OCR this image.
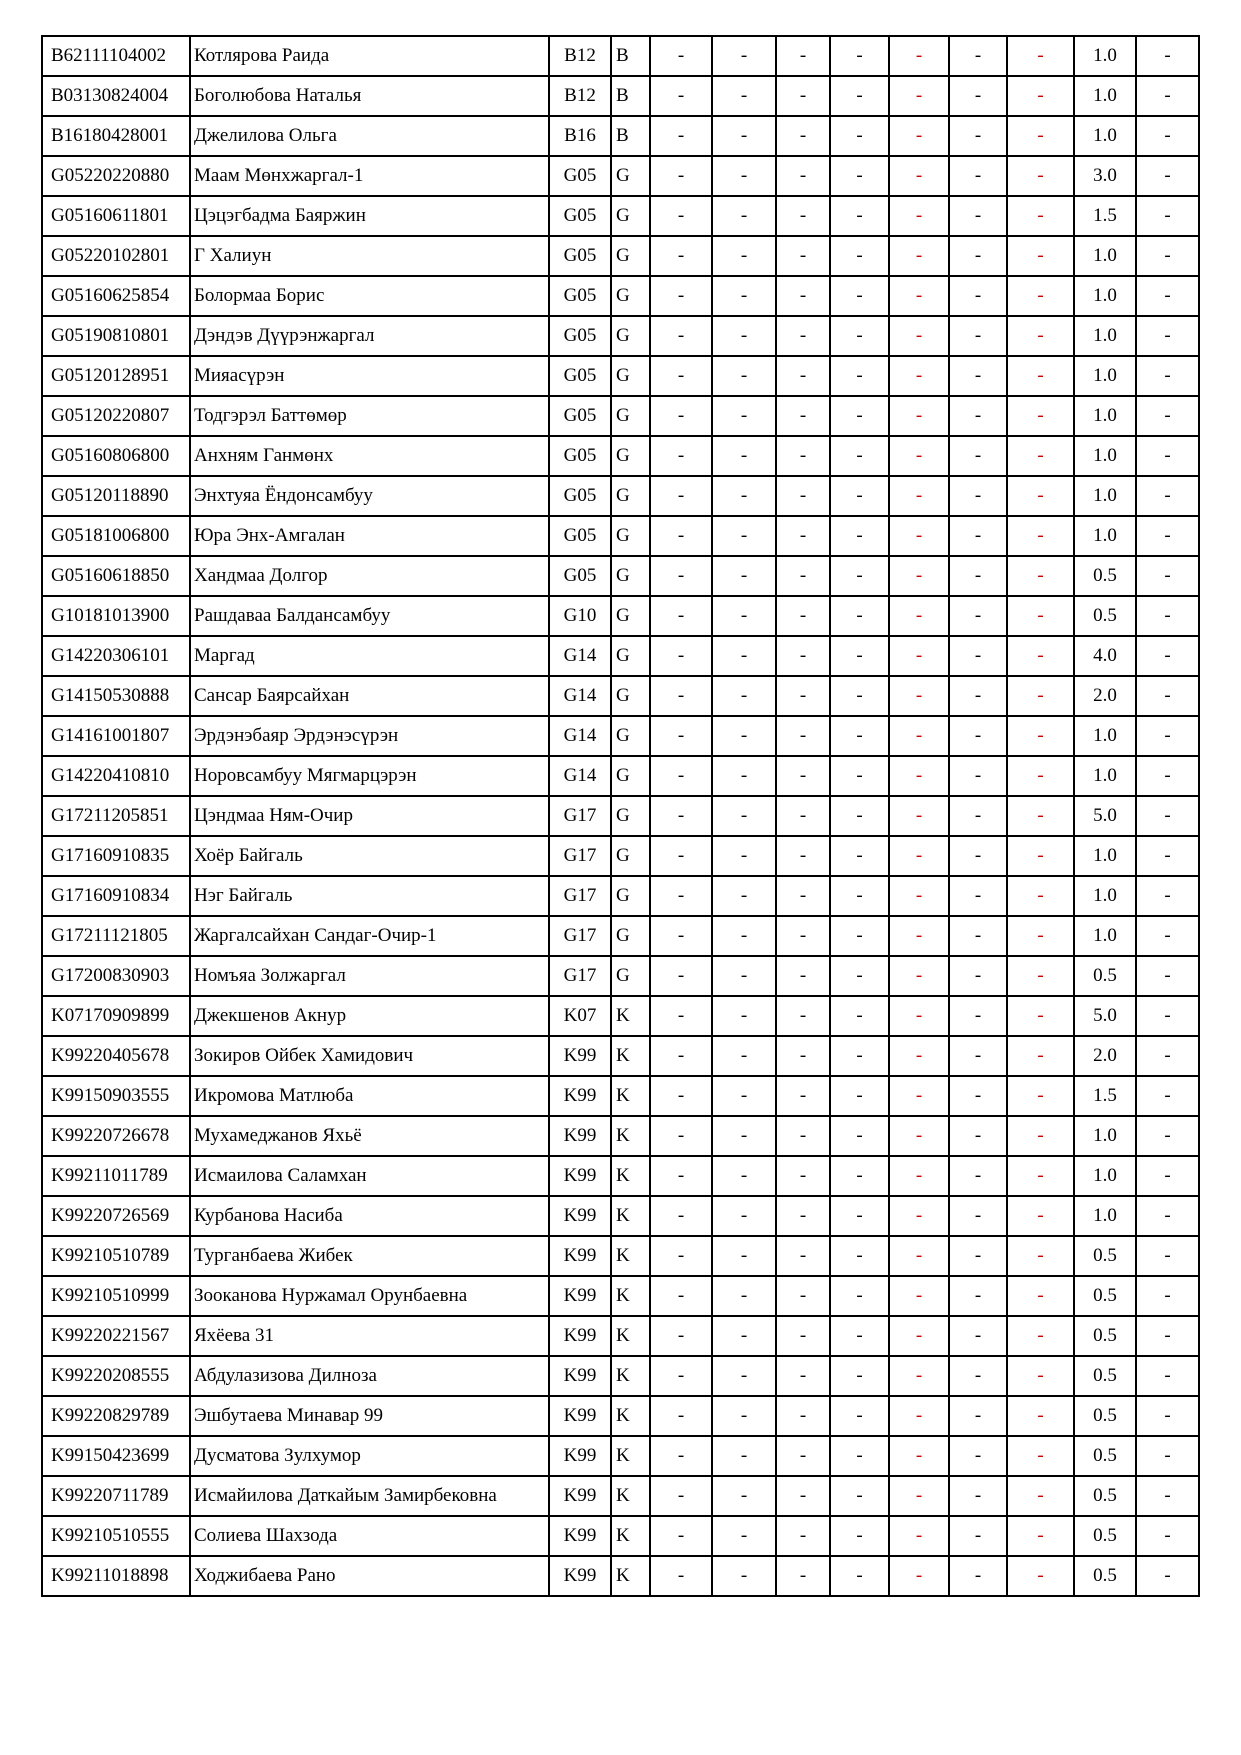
B62111104002	Котлярова Раида	B12	B	-	-	-	-	-	-	-	1.0	-
B03130824004	Боголюбова Наталья	B12	B	-	-	-	-	-	-	-	1.0	-
B16180428001	Джелилова Ольга	B16	B	-	-	-	-	-	-	-	1.0	-
G05220220880	Маам Мөнхжаргал-1	G05	G	-	-	-	-	-	-	-	3.0	-
G05160611801	Цэцэгбадма Баяржин	G05	G	-	-	-	-	-	-	-	1.5	-
G05220102801	Г Халиун	G05	G	-	-	-	-	-	-	-	1.0	-
G05160625854	Болормаа Борис	G05	G	-	-	-	-	-	-	-	1.0	-
G05190810801	Дэндэв Дүүрэнжаргал	G05	G	-	-	-	-	-	-	-	1.0	-
G05120128951	Мияасүрэн	G05	G	-	-	-	-	-	-	-	1.0	-
G05120220807	Тодгэрэл Баттөмөр	G05	G	-	-	-	-	-	-	-	1.0	-
G05160806800	Анхням Ганмөнх	G05	G	-	-	-	-	-	-	-	1.0	-
G05120118890	Энхтуяа Ёндонсамбуу	G05	G	-	-	-	-	-	-	-	1.0	-
G05181006800	Юра Энх-Амгалан	G05	G	-	-	-	-	-	-	-	1.0	-
G05160618850	Хандмаа Долгор	G05	G	-	-	-	-	-	-	-	0.5	-
G10181013900	Рашдаваа Балдансамбуу	G10	G	-	-	-	-	-	-	-	0.5	-
G14220306101	Маргад	G14	G	-	-	-	-	-	-	-	4.0	-
G14150530888	Сансар Баярсайхан	G14	G	-	-	-	-	-	-	-	2.0	-
G14161001807	Эрдэнэбаяр Эрдэнэсүрэн	G14	G	-	-	-	-	-	-	-	1.0	-
G14220410810	Норовсамбуу Мягмарцэрэн	G14	G	-	-	-	-	-	-	-	1.0	-
G17211205851	Цэндмаа Ням-Очир	G17	G	-	-	-	-	-	-	-	5.0	-
G17160910835	Хоёр Байгаль	G17	G	-	-	-	-	-	-	-	1.0	-
G17160910834	Нэг Байгаль	G17	G	-	-	-	-	-	-	-	1.0	-
G17211121805	Жаргалсайхан Сандаг-Очир-1	G17	G	-	-	-	-	-	-	-	1.0	-
G17200830903	Номъяа Золжаргал	G17	G	-	-	-	-	-	-	-	0.5	-
K07170909899	Джекшенов Акнур	K07	K	-	-	-	-	-	-	-	5.0	-
K99220405678	Зокиров Ойбек Хамидович	K99	K	-	-	-	-	-	-	-	2.0	-
K99150903555	Икромова Матлюба	K99	K	-	-	-	-	-	-	-	1.5	-
K99220726678	Мухамеджанов Яхьё	K99	K	-	-	-	-	-	-	-	1.0	-
K99211011789	Исмаилова Саламхан	K99	K	-	-	-	-	-	-	-	1.0	-
K99220726569	Курбанова Насиба	K99	K	-	-	-	-	-	-	-	1.0	-
K99210510789	Турганбаева Жибек	K99	K	-	-	-	-	-	-	-	0.5	-
K99210510999	Зооканова Нуржамал Орунбаевна	K99	K	-	-	-	-	-	-	-	0.5	-
K99220221567	Яхёева 31	K99	K	-	-	-	-	-	-	-	0.5	-
K99220208555	Абдулазизова Дилноза	K99	K	-	-	-	-	-	-	-	0.5	-
K99220829789	Эшбутаева Минавар 99	K99	K	-	-	-	-	-	-	-	0.5	-
K99150423699	Дусматова Зулхумор	K99	K	-	-	-	-	-	-	-	0.5	-
K99220711789	Исмайилова Даткайым Замирбековна	K99	K	-	-	-	-	-	-	-	0.5	-
K99210510555	Солиева Шахзода	K99	K	-	-	-	-	-	-	-	0.5	-
K99211018898	Ходжибаева Рано	K99	K	-	-	-	-	-	-	-	0.5	-
